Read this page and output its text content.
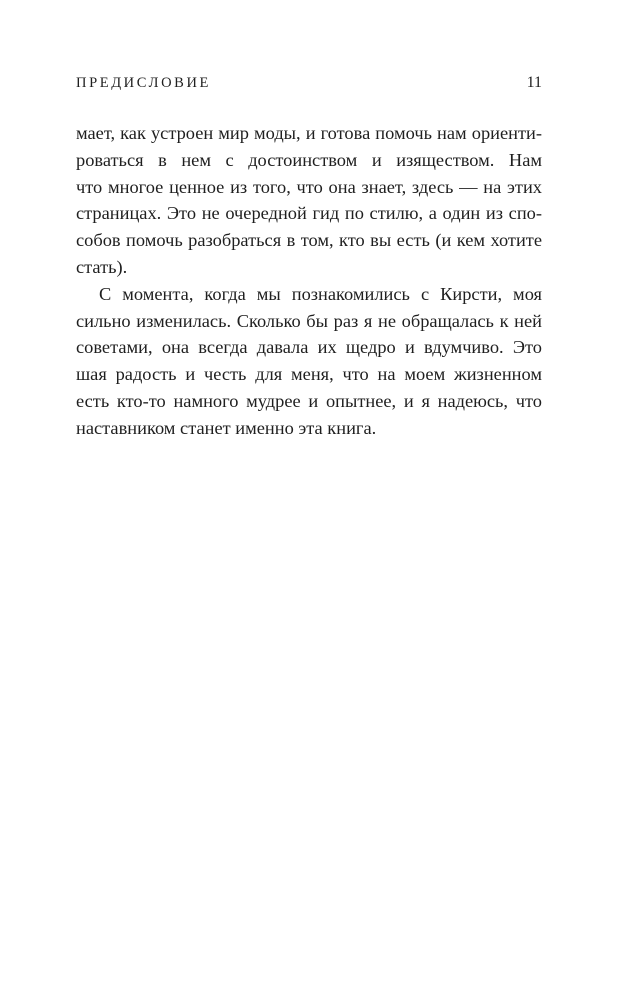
ПРЕДИСЛОВИЕ	11
мает, как устроен мир моды, и готова помочь нам ориенти-
роваться в нем с достоинством и изяществом. Нам
что многое ценное из того, что она знает, здесь — на этих
страницах. Это не очередной гид по стилю, а один из спо-
собов помочь разобраться в том, кто вы есть (и кем хотите
стать).
С момента, когда мы познакомились с Кирсти, моя
сильно изменилась. Сколько бы раз я не обращалась к ней
советами, она всегда давала их щедро и вдумчиво. Это
шая радость и честь для меня, что на моем жизненном
есть кто-то намного мудрее и опытнее, и я надеюсь, что
наставником станет именно эта книга.
